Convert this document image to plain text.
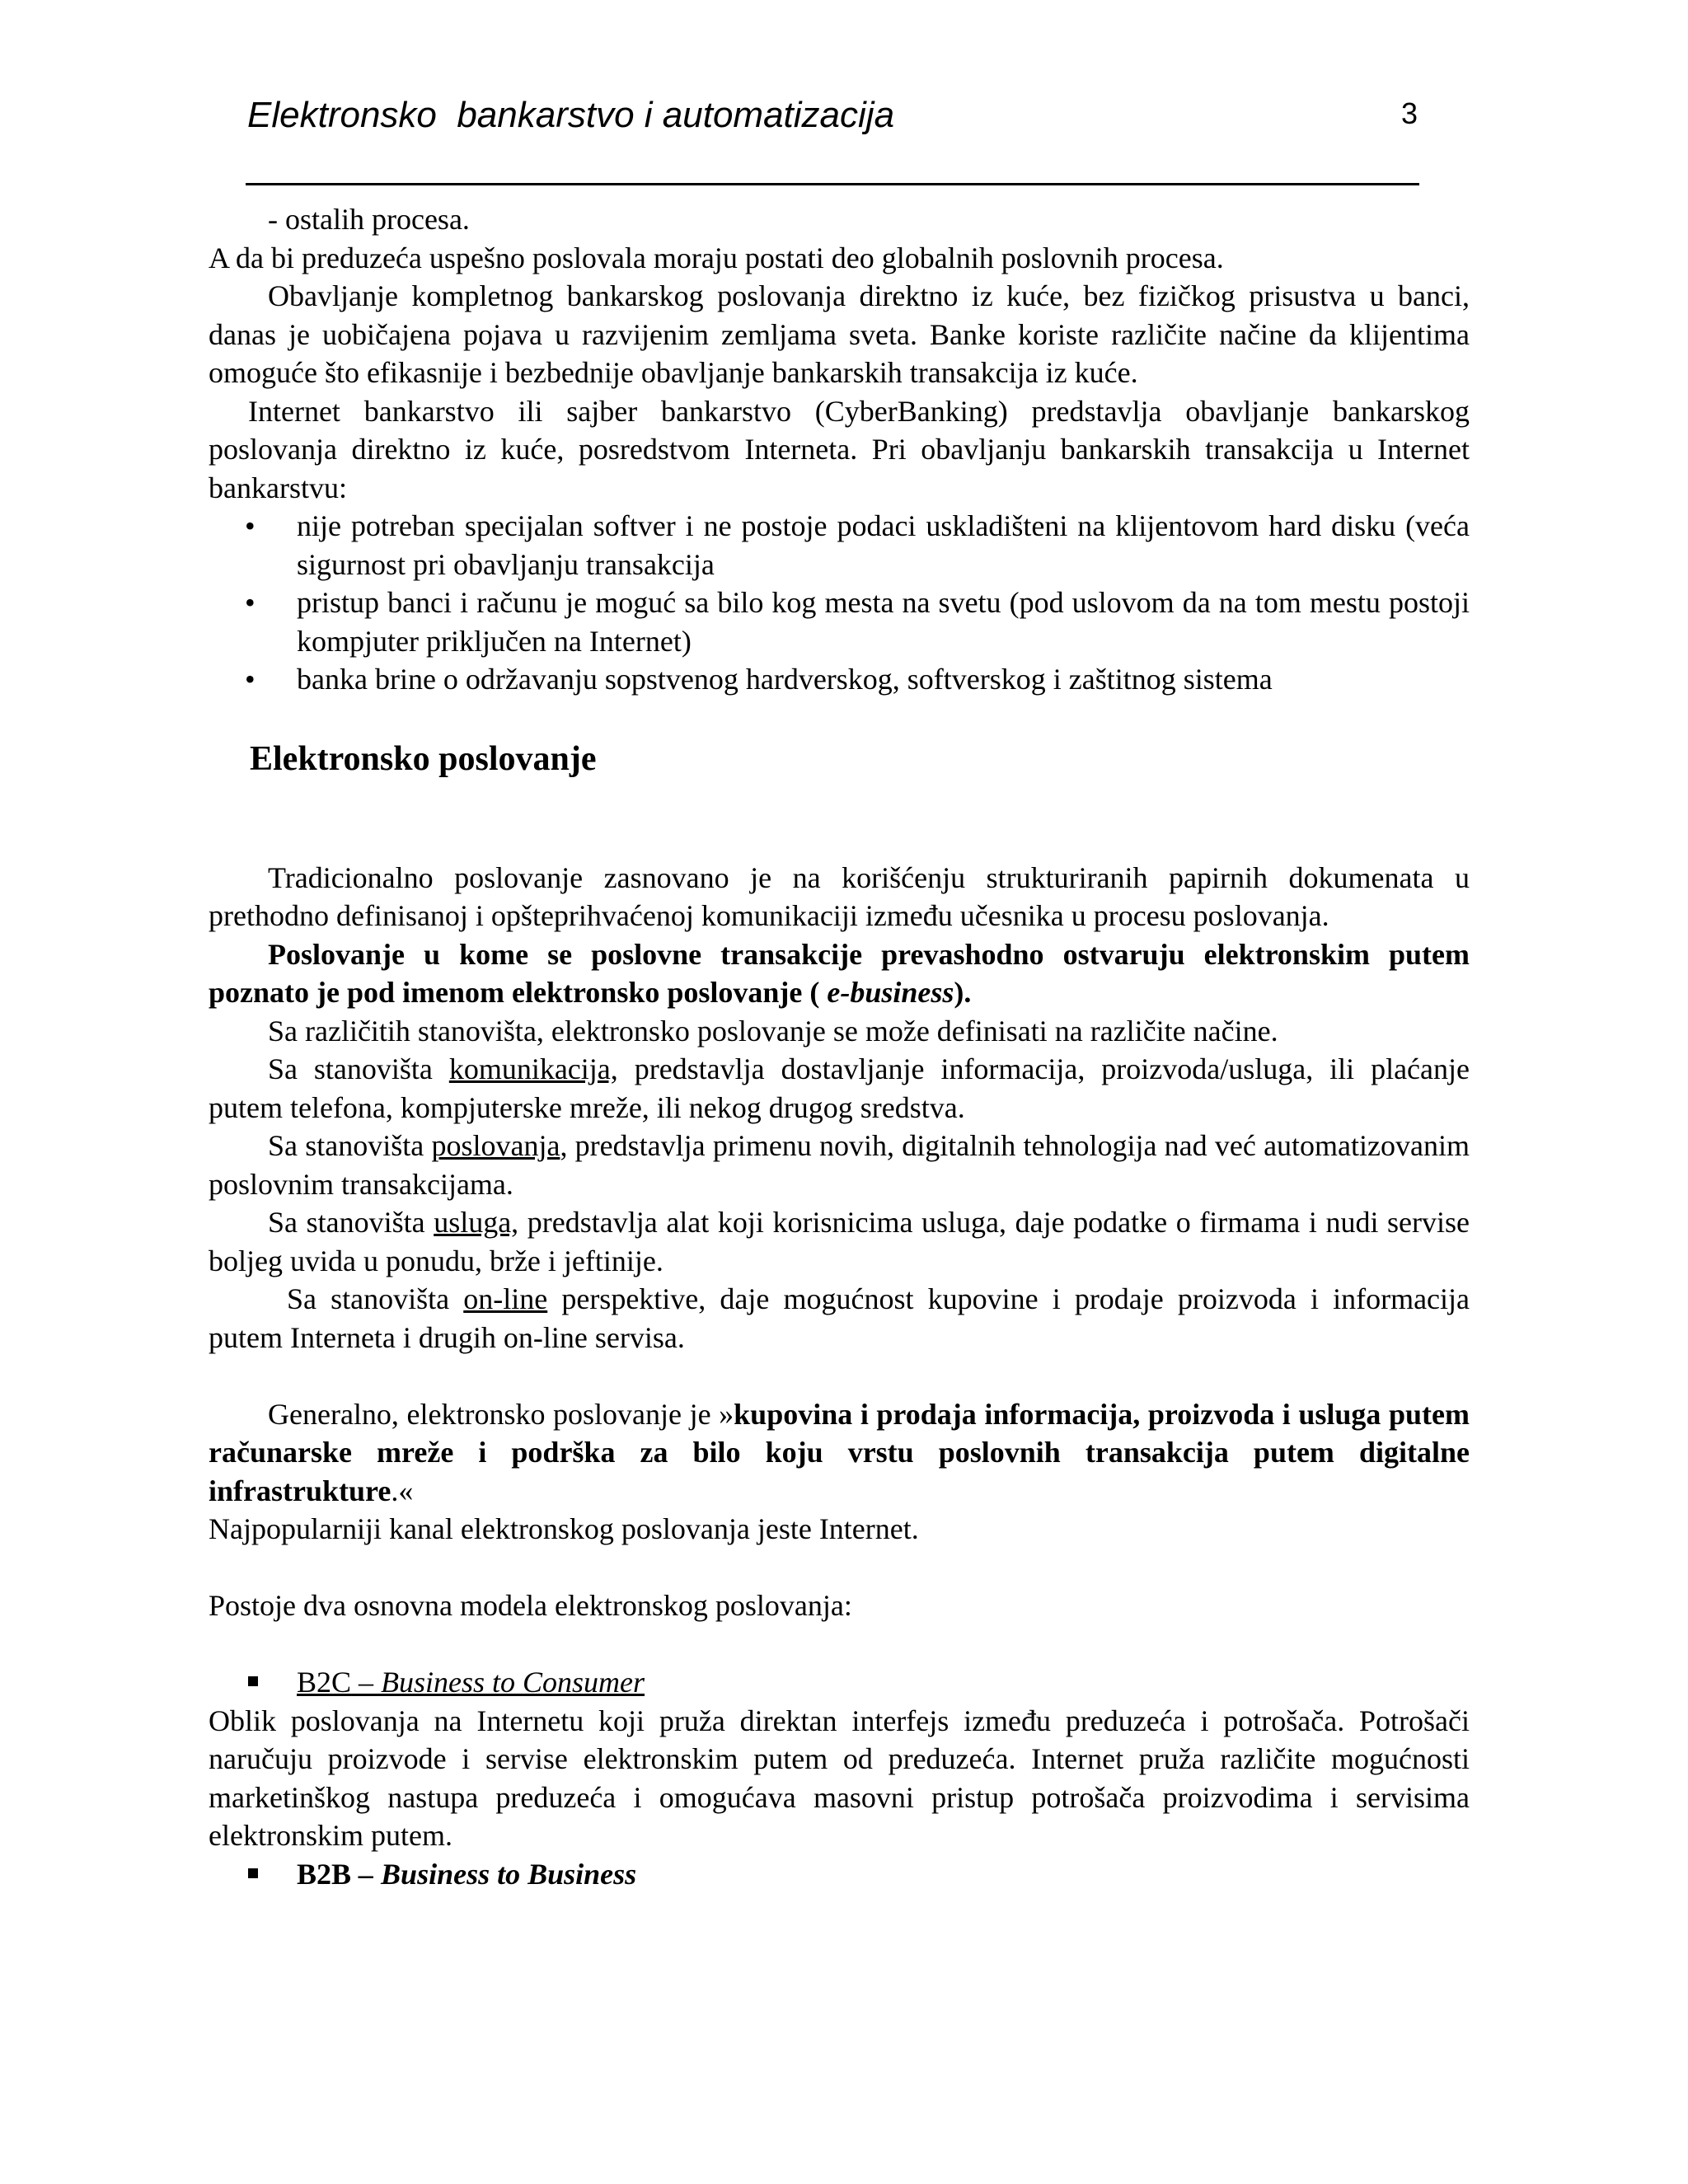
Elektronsko  bankarstvo i automatizacija	3

- ostalih procesa.

A da bi preduzeća uspešno poslovala moraju postati deo globalnih poslovnih procesa.

Obavljanje kompletnog bankarskog poslovanja direktno iz kuće, bez fizičkog prisustva u banci, danas je uobičajena pojava u razvijenim zemljama sveta. Banke koriste različite načine da klijentima omoguće što efikasnije i bezbednije obavljanje bankarskih transakcija iz kuće.

Internet bankarstvo ili sajber bankarstvo (CyberBanking) predstavlja obavljanje bankarskog poslovanja direktno iz kuće, posredstvom Interneta. Pri obavljanju bankarskih transakcija u Internet bankarstvu:

• nije potreban specijalan softver i ne postoje podaci uskladišteni na klijentovom hard disku (veća sigurnost pri obavljanju transakcija
• pristup banci i računu je moguć sa bilo kog mesta na svetu (pod uslovom da na tom mestu postoji kompjuter priključen na Internet)
• banka brine o održavanju sopstvenog hardverskog, softverskog i zaštitnog sistema
Elektronsko poslovanje

Tradicionalno poslovanje zasnovano je na korišćenju strukturiranih papirnih dokumenata u prethodno definisanoj i opšteprihvaćenoj komunikaciji između učesnika u procesu poslovanja.

Poslovanje u kome se poslovne transakcije prevashodno ostvaruju elektronskim putem poznato je pod imenom elektronsko poslovanje ( e-business).

Sa različitih stanovišta, elektronsko poslovanje se može definisati na različite načine.

Sa stanovišta komunikacija, predstavlja dostavljanje informacija, proizvoda/usluga, ili plaćanje putem telefona, kompjuterske mreže, ili nekog drugog sredstva.

Sa stanovišta poslovanja, predstavlja primenu novih, digitalnih tehnologija nad već automatizovanim poslovnim transakcijama.

Sa stanovišta usluga, predstavlja alat koji korisnicima usluga, daje podatke o firmama i nudi servise boljeg uvida u ponudu, brže i jeftinije.

Sa stanovišta on-line perspektive, daje mogućnost kupovine i prodaje proizvoda i informacija putem Interneta i drugih on-line servisa.

Generalno, elektronsko poslovanje je »kupovina i prodaja informacija, proizvoda i usluga putem računarske mreže i podrška za bilo koju vrstu poslovnih transakcija putem digitalne infrastrukture.«

Najpopularniji kanal elektronskog poslovanja jeste Internet.

Postoje dva osnovna modela elektronskog poslovanja:

B2C – Business to Consumer

Oblik poslovanja na Internetu koji pruža direktan interfejs između preduzeća i potrošača. Potrošači naručuju proizvode i servise elektronskim putem od preduzeća. Internet pruža različite mogućnosti marketinškog nastupa preduzeća i omogućava masovni pristup potrošača proizvodima i servisima elektronskim putem.

B2B – Business to Business
